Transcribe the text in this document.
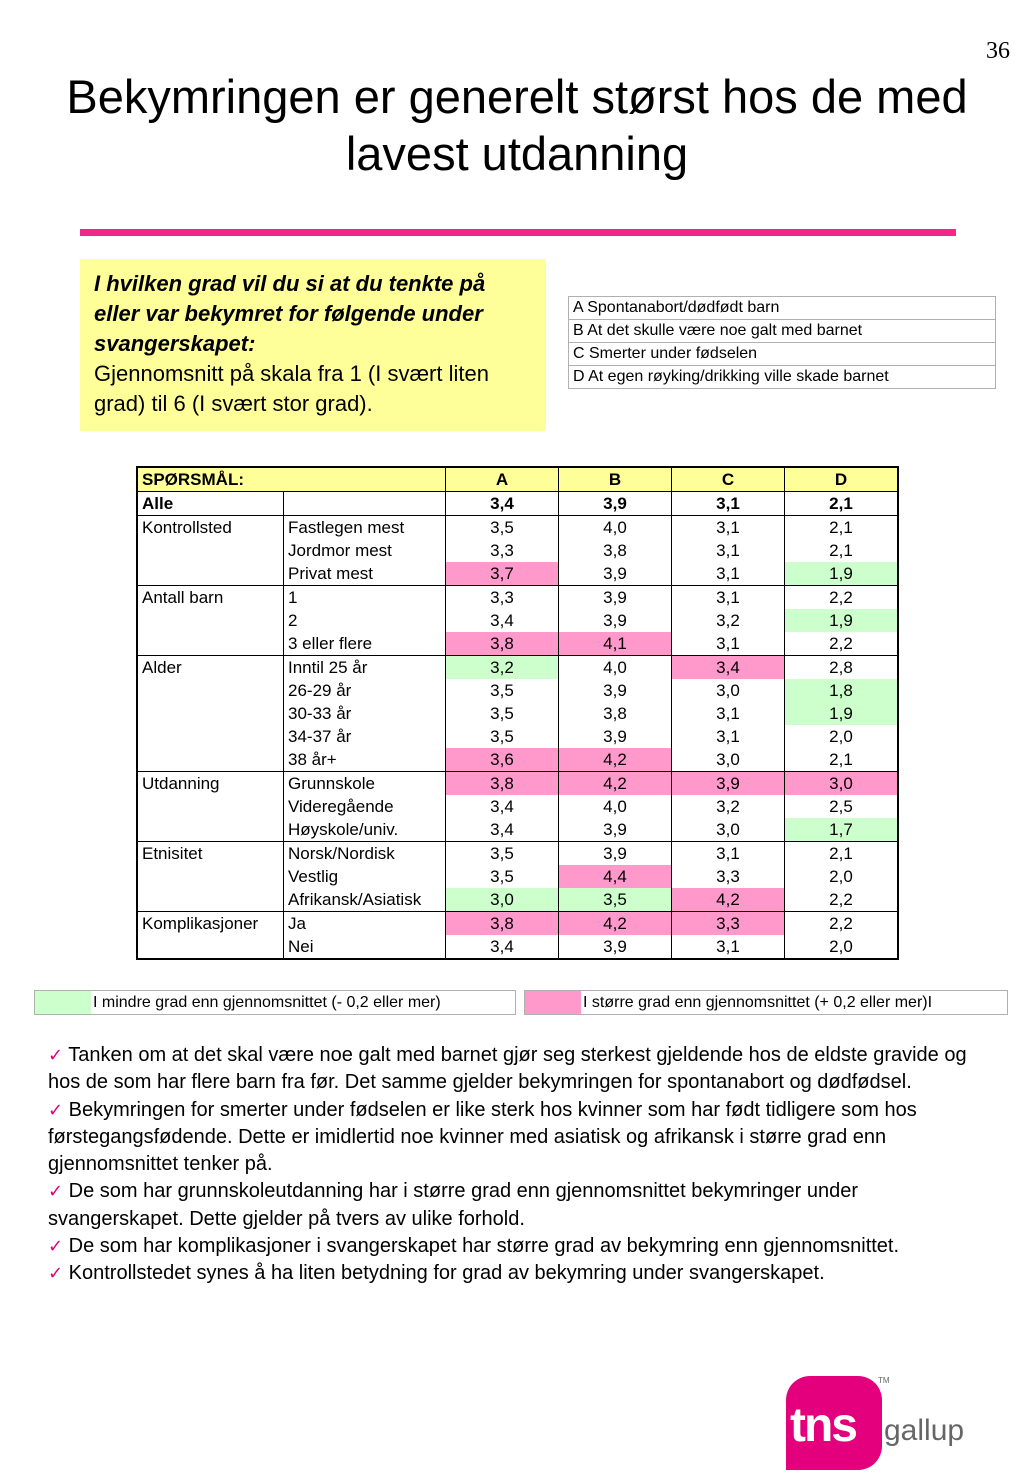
36
Bekymringen er generelt størst hos de med lavest utdanning
I hvilken grad vil du si at du tenkte på eller var bekymret for følgende under svangerskapet:
Gjennomsnitt på skala fra 1 (I svært liten grad) til 6 (I svært stor grad).
A Spontanabort/dødfødt barn
B At det skulle være noe galt med barnet
C Smerter under fødselen
D At egen røyking/drikking ville skade barnet
SPØRSMÅL:		A	B	C	D
Alle		3,4	3,9	3,1	2,1
Kontrollsted	Fastlegen mest	3,5	4,0	3,1	2,1
	Jordmor mest	3,3	3,8	3,1	2,1
	Privat mest	3,7	3,9	3,1	1,9
Antall barn	1	3,3	3,9	3,1	2,2
	2	3,4	3,9	3,2	1,9
	3 eller flere	3,8	4,1	3,1	2,2
Alder	Inntil 25 år	3,2	4,0	3,4	2,8
	26-29 år	3,5	3,9	3,0	1,8
	30-33 år	3,5	3,8	3,1	1,9
	34-37 år	3,5	3,9	3,1	2,0
	38 år+	3,6	4,2	3,0	2,1
Utdanning	Grunnskole	3,8	4,2	3,9	3,0
	Videregående	3,4	4,0	3,2	2,5
	Høyskole/univ.	3,4	3,9	3,0	1,7
Etnisitet	Norsk/Nordisk	3,5	3,9	3,1	2,1
	Vestlig	3,5	4,4	3,3	2,0
	Afrikansk/Asiatisk	3,0	3,5	4,2	2,2
Komplikasjoner	Ja	3,8	4,2	3,3	2,2
	Nei	3,4	3,9	3,1	2,0
I mindre grad enn gjennomsnittet (- 0,2 eller mer)	I større grad enn gjennomsnittet (+ 0,2 eller mer)I

✓ Tanken om at det skal være noe galt med barnet gjør seg sterkest gjeldende hos de eldste gravide og hos de som har flere barn fra før. Det samme gjelder bekymringen for spontanabort og dødfødsel.

✓ Bekymringen for smerter under fødselen er like sterk hos kvinner som har født tidligere som hos førstegangsfødende. Dette er imidlertid noe kvinner med asiatisk og afrikansk i større grad enn gjennomsnittet tenker på.

✓ De som har grunnskoleutdanning har i større grad enn gjennomsnittet bekymringer under svangerskapet. Dette gjelder på tvers av ulike forhold.

✓ De som har komplikasjoner i svangerskapet har større grad av bekymring enn gjennomsnittet.

✓ Kontrollstedet synes å ha liten betydning for grad av bekymring under svangerskapet.

tns
TM
gallup
